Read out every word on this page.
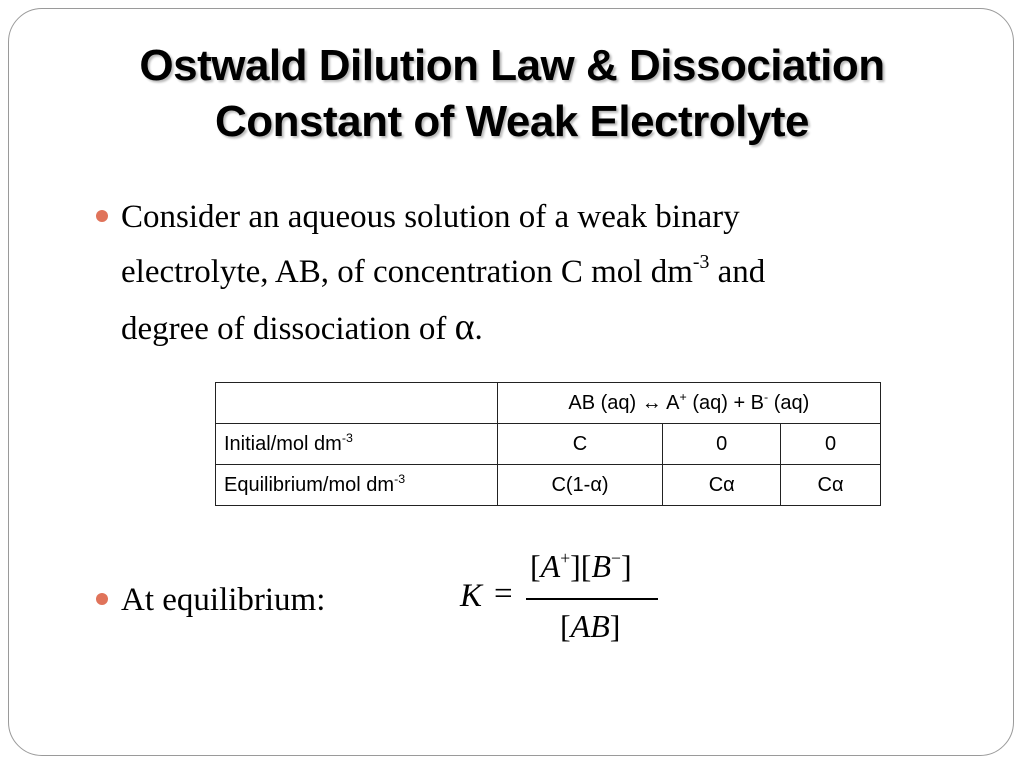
Ostwald Dilution Law & Dissociation
Constant of Weak Electrolyte
Consider an aqueous solution of a weak binary
electrolyte, AB, of concentration C mol $dm^{-3}$ and
degree of dissociation of α.
	AB (aq) ↔ A+ (aq) + B- (aq)		
Initial/mol $dm^{-3}$	C	0	0
Equilibrium/mol $dm^{-3}$	C(1-α)	Cα	Cα
At equilibrium:	K =
[A+][B−]
[AB]
